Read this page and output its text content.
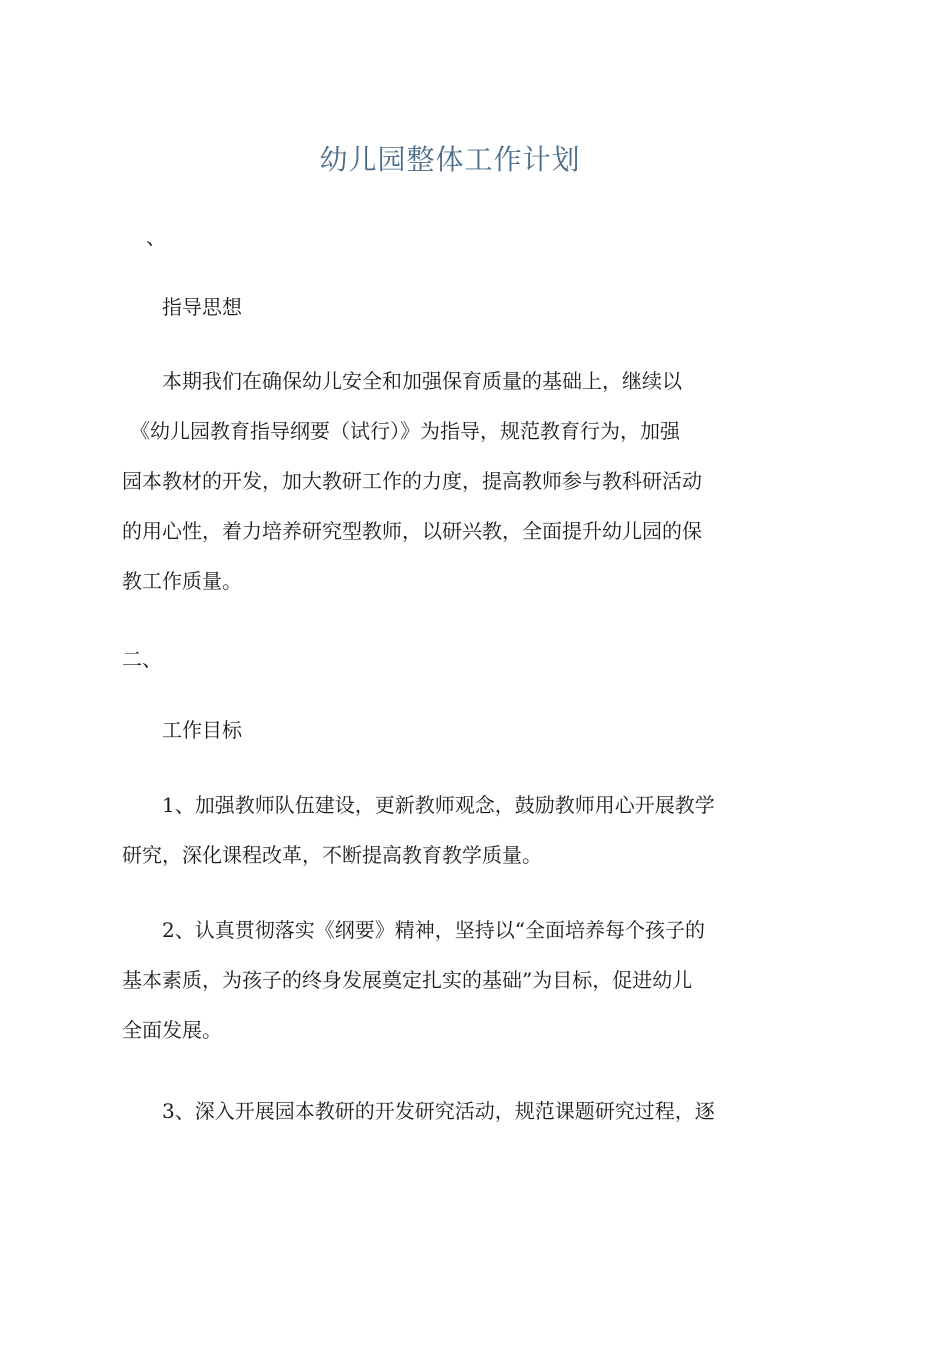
幼儿园整体工作计划
、
指导思想
本期我们在确保幼儿安全和加强保育质量的基础上，继续以
《幼儿园教育指导纲要（试行）》为指导，规范教育行为，加强
园本教材的开发，加大教研工作的力度，提高教师参与教科研活动
的用心性，着力培养研究型教师，以研兴教，全面提升幼儿园的保
教工作质量。
二、
工作目标
1、加强教师队伍建设，更新教师观念，鼓励教师用心开展教学
研究，深化课程改革，不断提高教育教学质量。
2、认真贯彻落实《纲要》精神，坚持以“全面培养每个孩子的
基本素质，为孩子的终身发展奠定扎实的基础”为目标，促进幼儿
全面发展。
3、深入开展园本教研的开发研究活动，规范课题研究过程，逐
